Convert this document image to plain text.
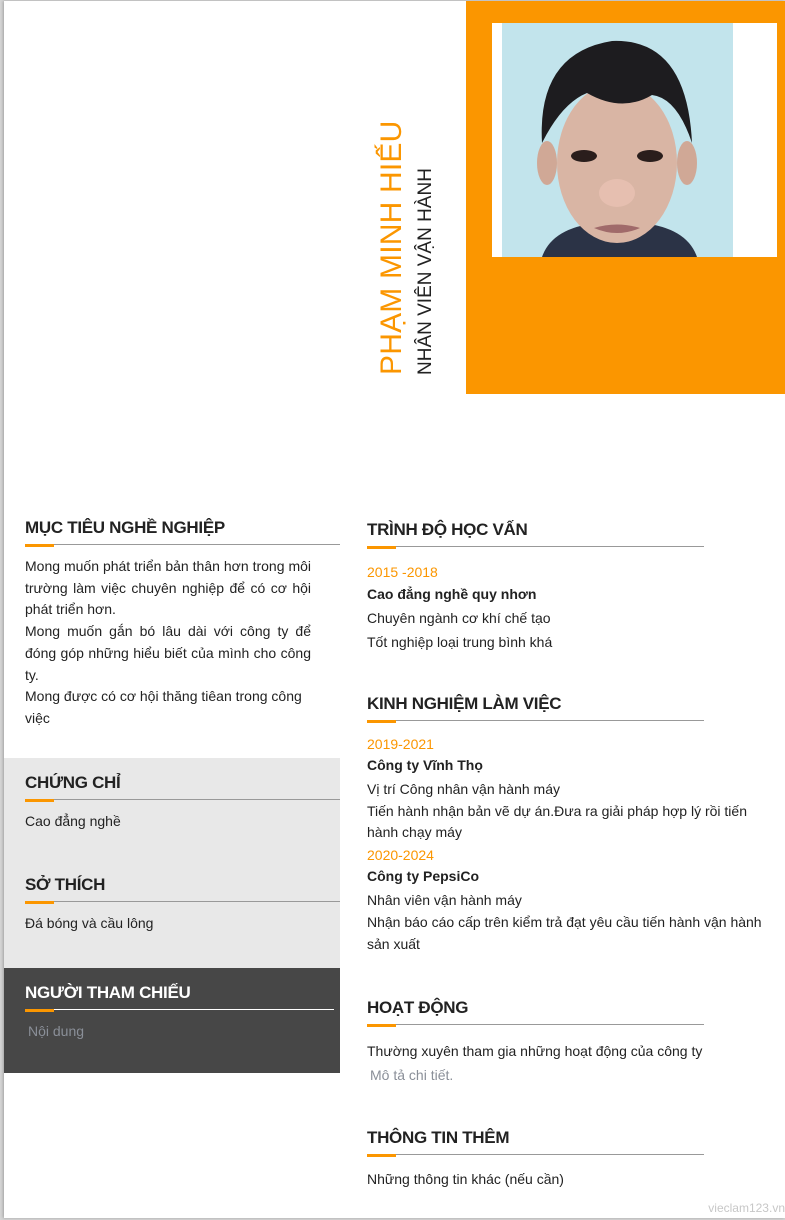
PHẠM MINH HIẾU NHÂN VIÊN VẬN HÀNH
MỤC TIÊU NGHỀ NGHIỆP
Mong muốn phát triển bản thân hơn trong môi trường làm việc chuyên nghiệp để có cơ hội phát triển hơn.
Mong muốn gắn bó lâu dài với công ty để đóng góp những hiểu biết của mình cho công ty.
Mong được có cơ hội thăng tiêan trong công việc
CHỨNG CHỈ
Cao đẳng nghề
SỞ THÍCH
Đá bóng và cầu lông
NGƯỜI THAM CHIẾU
Nội dung
TRÌNH ĐỘ HỌC VẤN
2015 -2018
Cao đẳng nghề quy nhơn
Chuyên ngành cơ khí chế tạo
Tốt nghiệp loại trung bình khá
KINH NGHIỆM LÀM VIỆC
2019-2021
Công ty Vĩnh Thọ
Vị trí Công nhân vận hành máy
Tiến hành nhận bản vẽ dự án.Đưa ra giải pháp hợp lý rồi tiến hành chạy máy
2020-2024
Công ty PepsiCo
Nhân viên vận hành máy
Nhận báo cáo cấp trên kiểm trả đạt yêu cầu tiến hành vận hành sản xuất
HOẠT ĐỘNG
Thường xuyên tham gia những hoạt động của công ty
Mô tả chi tiết.
THÔNG TIN THÊM
Những thông tin khác (nếu cần)
vieclam123.vn
